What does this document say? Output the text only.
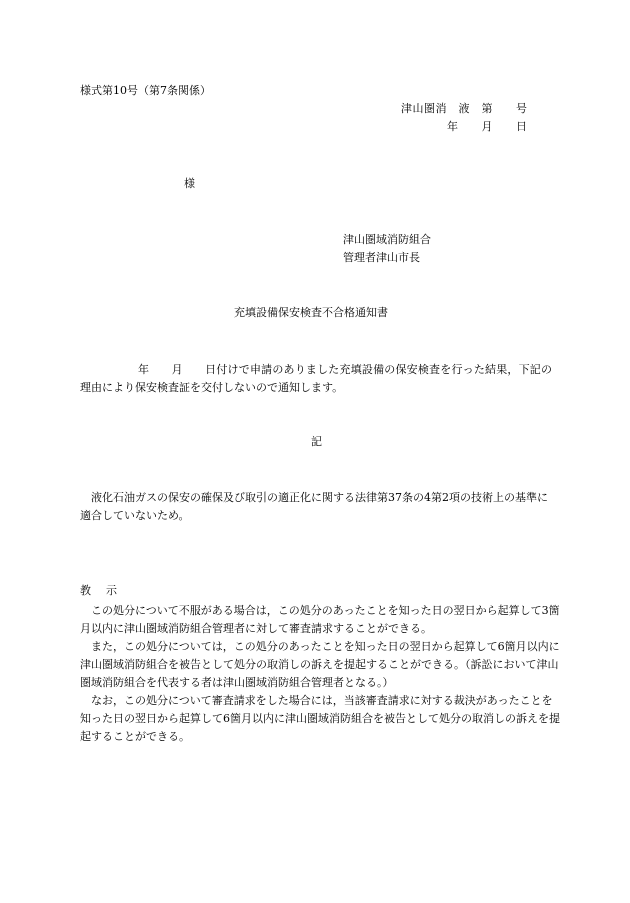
様式第10号（第7条関係）
津山圏消　液　第　　号
年　　月　　日
様
津山圏域消防組合
管理者津山市長
充填設備保安検査不合格通知書

年　　月　　日付けで申請のありました充填設備の保安検査を行った結果，下記の理由により保安検査証を交付しないので通知します。

記

液化石油ガスの保安の確保及び取引の適正化に関する法律第37条の4第2項の技術上の基準に適合していないため。

教　示

この処分について不服がある場合は，この処分のあったことを知った日の翌日から起算して3箇月以内に津山圏域消防組合管理者に対して審査請求することができる。

また，この処分については，この処分のあったことを知った日の翌日から起算して6箇月以内に津山圏域消防組合を被告として処分の取消しの訴えを提起することができる。（訴訟において津山圏域消防組合を代表する者は津山圏域消防組合管理者となる。）

なお，この処分について審査請求をした場合には，当該審査請求に対する裁決があったことを知った日の翌日から起算して6箇月以内に津山圏域消防組合を被告として処分の取消しの訴えを提起することができる。
